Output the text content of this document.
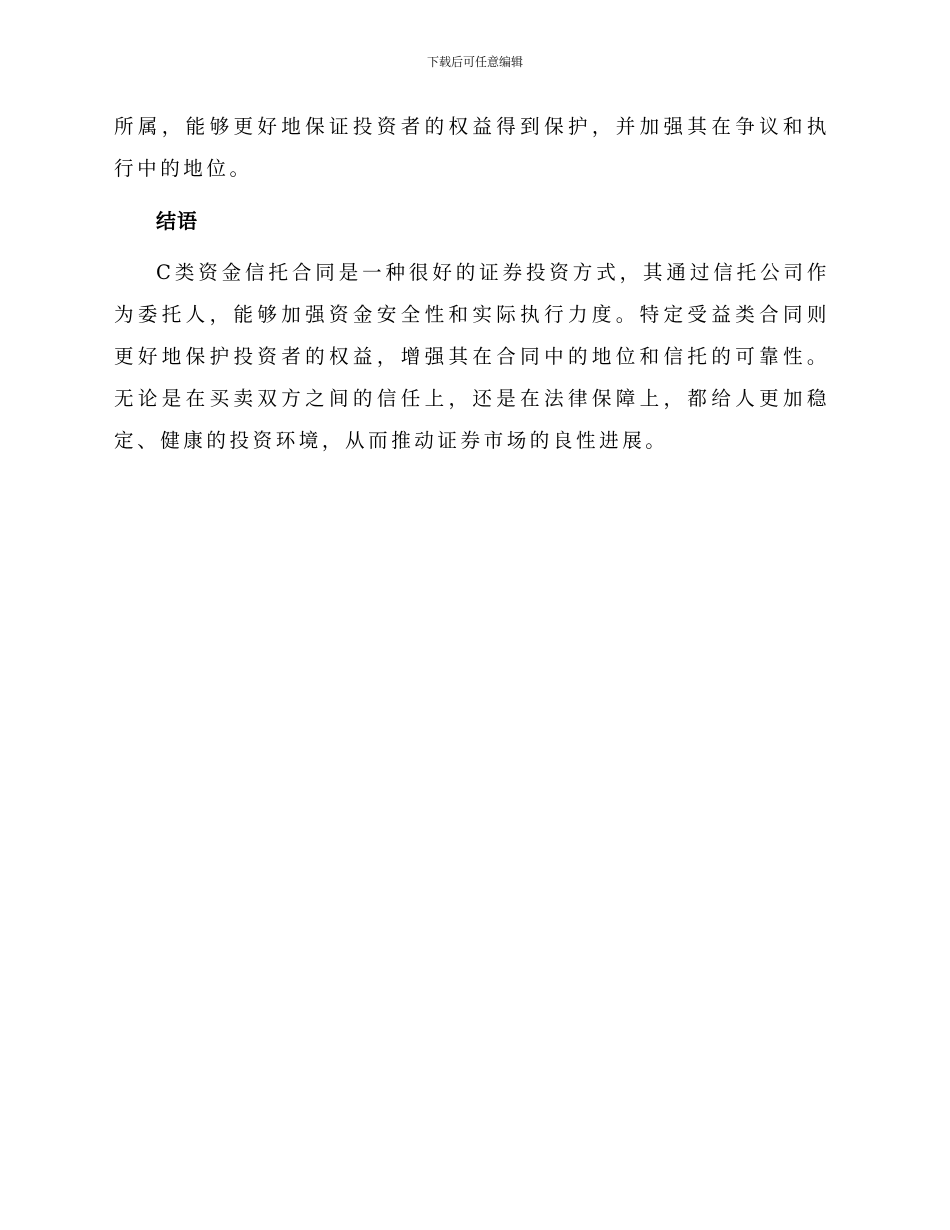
下载后可任意编辑

所属，能够更好地保证投资者的权益得到保护，并加强其在争议和执行中的地位。

结语

C类资金信托合同是一种很好的证券投资方式，其通过信托公司作为委托人，能够加强资金安全性和实际执行力度。特定受益类合同则更好地保护投资者的权益，增强其在合同中的地位和信托的可靠性。无论是在买卖双方之间的信任上，还是在法律保障上，都给人更加稳定、健康的投资环境，从而推动证券市场的良性进展。
